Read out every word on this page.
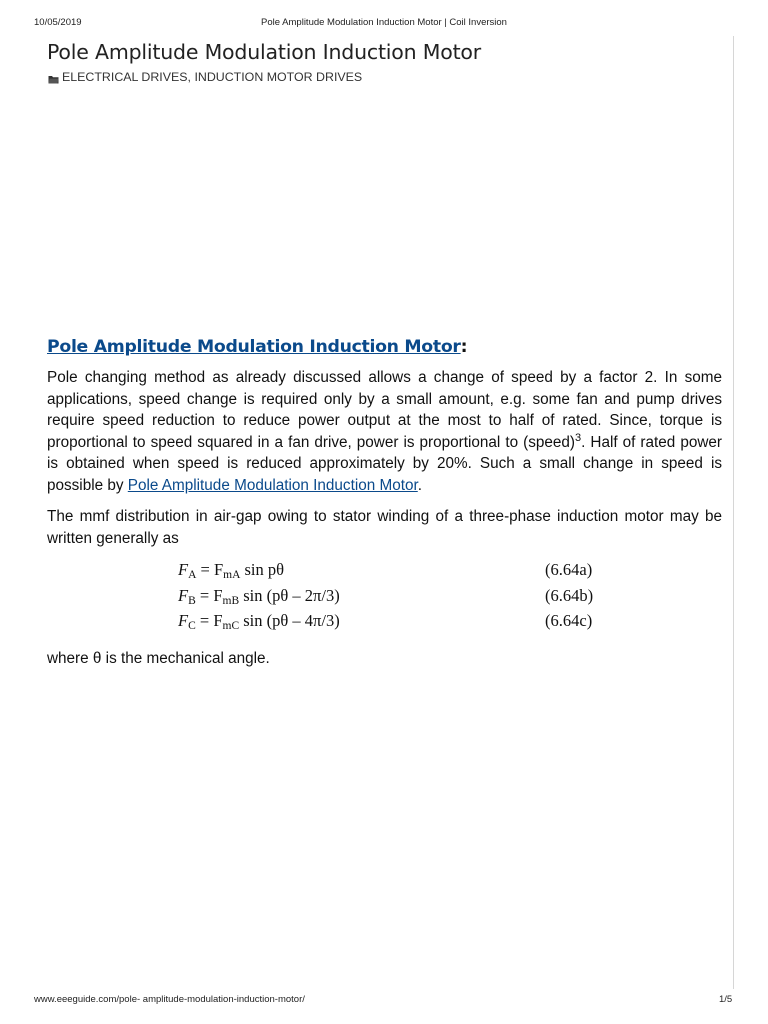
10/05/2019	Pole Amplitude Modulation Induction Motor | Coil Inversion
Pole Amplitude Modulation Induction Motor
ELECTRICAL DRIVES , INDUCTION MOTOR DRIVES
Pole Amplitude Modulation Induction Motor:

Pole changing method as already discussed allows a change of speed by a factor 2. In some applications, speed change is required only by a small amount, e.g. some fan and pump drives require speed reduction to reduce power output at the most to half of rated. Since, torque is proportional to speed squared in a fan drive, power is proportional to (speed)$^3$. Half of rated power is obtained when speed is reduced approximately by 20%. Such a small change in speed is possible by Pole Amplitude Modulation Induction Motor.

The mmf distribution in air-gap owing to stator winding of a three-phase induction motor may be written generally as

$F_A = F_{mA}$ sin pθ	(6.64a)
$F_B = F_{mB}$ sin (pθ – 2π/3)	(6.64b)
$F_C = F_{mC}$ sin (pθ – 4π/3)	(6.64c)

where θ is the mechanical angle.

www.eeeguide.com/pole- amplitude-modulation-induction-motor/	1/5
